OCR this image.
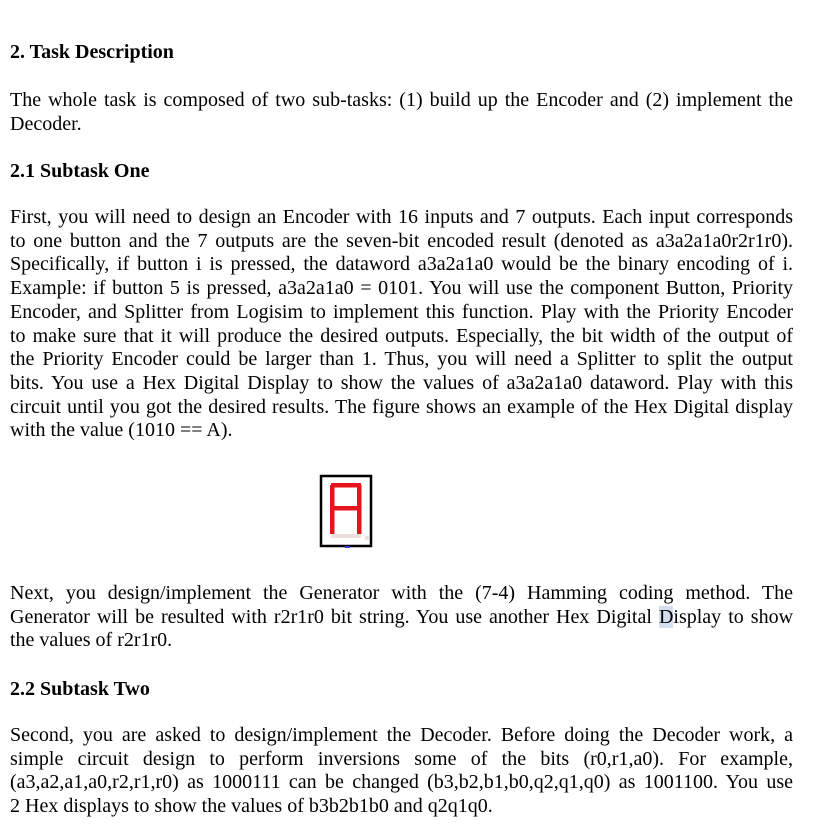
2. Task Description

The whole task is composed of two sub-tasks: (1) build up the Encoder and (2) implement the
Decoder.

2.1 Subtask One

First, you will need to design an Encoder with 16 inputs and 7 outputs. Each input corresponds
to one button and the 7 outputs are the seven-bit encoded result (denoted as a3a2a1a0r2r1r0).
Specifically, if button i is pressed, the dataword a3a2a1a0 would be the binary encoding of i.
Example: if button 5 is pressed, a3a2a1a0 = 0101. You will use the component Button, Priority
Encoder, and Splitter from Logisim to implement this function. Play with the Priority Encoder
to make sure that it will produce the desired outputs. Especially, the bit width of the output of
the Priority Encoder could be larger than 1. Thus, you will need a Splitter to split the output
bits. You use a Hex Digital Display to show the values of a3a2a1a0 dataword. Play with this
circuit until you got the desired results. The figure shows an example of the Hex Digital display
with the value (1010 == A).

A

Next, you design/implement the Generator with the (7-4) Hamming coding method. The
Generator will be resulted with r2r1r0 bit string. You use another Hex Digital Display to show
the values of r2r1r0.

2.2 Subtask Two

Second, you are asked to design/implement the Decoder. Before doing the Decoder work, a
simple circuit design to perform inversions some of the bits (r0,r1,a0). For example,
(a3,a2,a1,a0,r2,r1,r0) as 1000111 can be changed (b3,b2,b1,b0,q2,q1,q0) as 1001100. You use
2 Hex displays to show the values of b3b2b1b0 and q2q1q0.
